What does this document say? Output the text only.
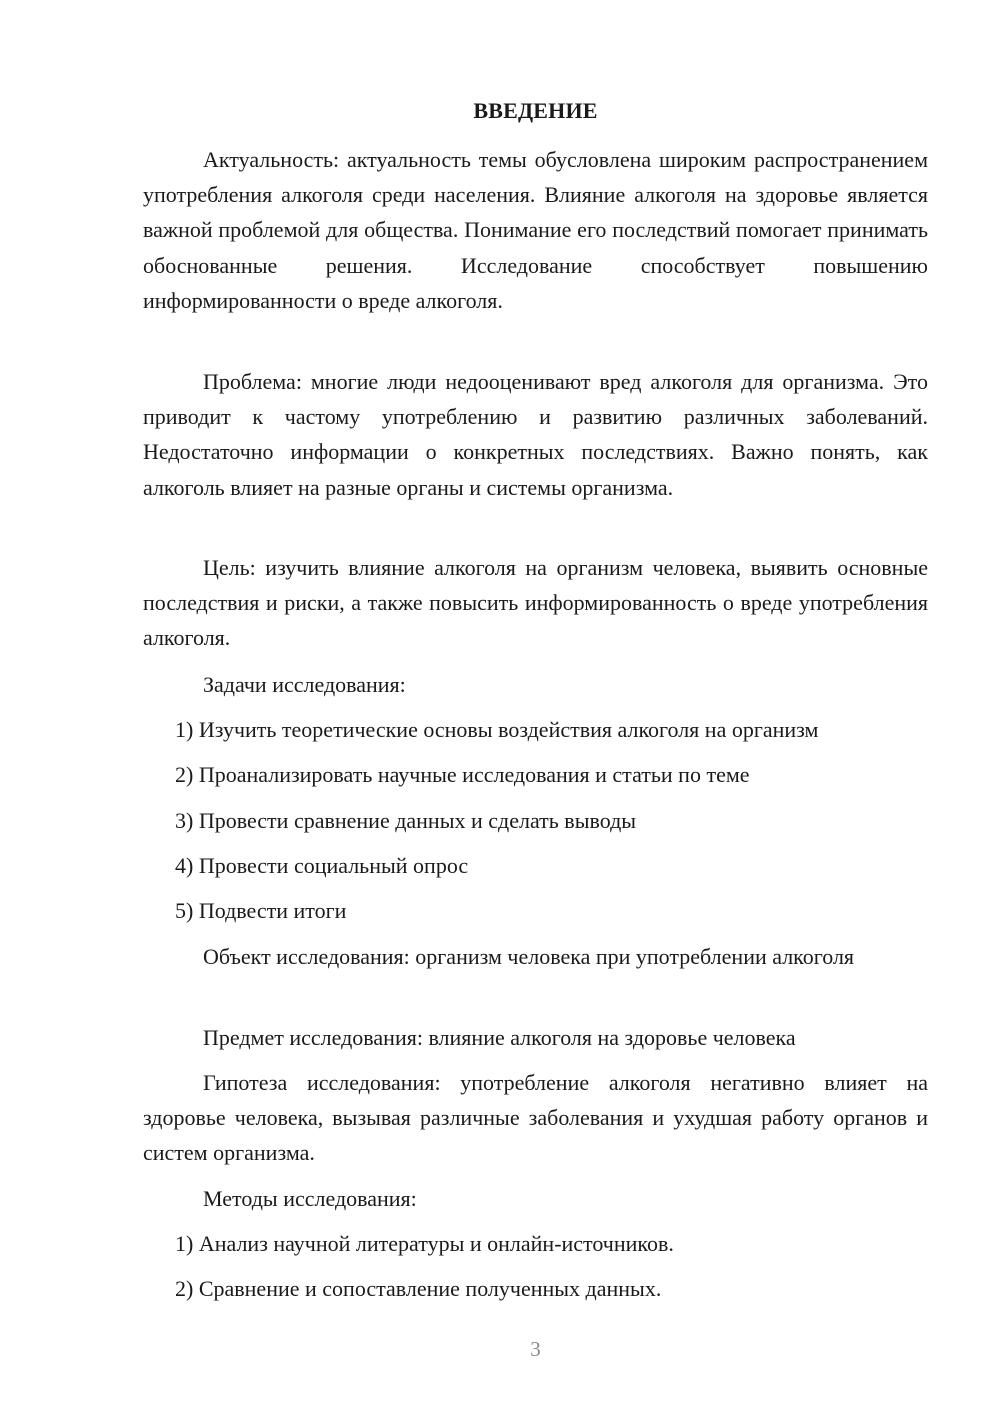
ВВЕДЕНИЕ

Актуальность: актуальность темы обусловлена широким распространением употребления алкоголя среди населения. Влияние алкоголя на здоровье является важной проблемой для общества. Понимание его последствий помогает принимать обоснованные решения. Исследование способствует повышению информированности о вреде алкоголя.

Проблема: многие люди недооценивают вред алкоголя для организма. Это приводит к частому употреблению и развитию различных заболеваний. Недостаточно информации о конкретных последствиях. Важно понять, как алкоголь влияет на разные органы и системы организма.

Цель: изучить влияние алкоголя на организм человека, выявить основные последствия и риски, а также повысить информированность о вреде употребления алкоголя.

Задачи исследования:

1) Изучить теоретические основы воздействия алкоголя на организм
2) Проанализировать научные исследования и статьи по теме
3) Провести сравнение данных и сделать выводы
4) Провести социальный опрос
5) Подвести итоги

Объект исследования: организм человека при употреблении алкоголя

Предмет исследования: влияние алкоголя на здоровье человека

Гипотеза исследования: употребление алкоголя негативно влияет на здоровье человека, вызывая различные заболевания и ухудшая работу органов и систем организма.

Методы исследования:

1) Анализ научной литературы и онлайн-источников.
2) Сравнение и сопоставление полученных данных.
3
